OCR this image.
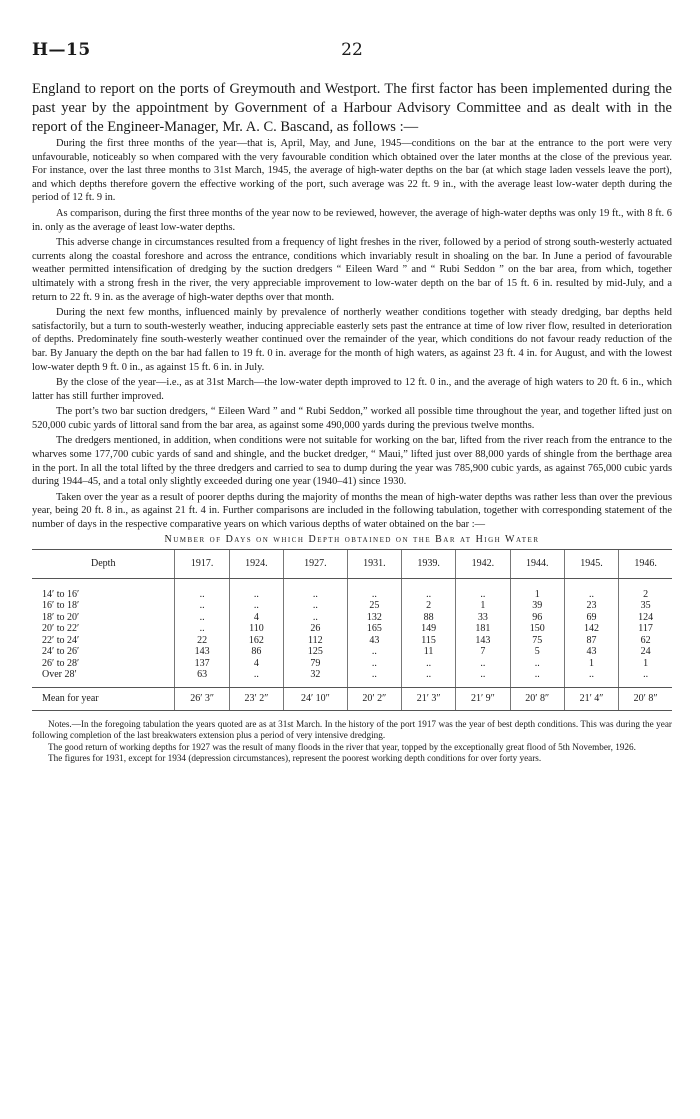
H—15	22
England to report on the ports of Greymouth and Westport. The first factor has been implemented during the past year by the appointment by Government of a Harbour Advisory Committee and as dealt with in the report of the Engineer-Manager, Mr. A. C. Bascand, as follows :—

During the first three months of the year—that is, April, May, and June, 1945—conditions on the bar at the entrance to the port were very unfavourable, noticeably so when compared with the very favourable condition which obtained over the later months at the close of the previous year. For instance, over the last three months to 31st March, 1945, the average of high-water depths on the bar (at which stage laden vessels leave the port), and which depths therefore govern the effective working of the port, such average was 22 ft. 9 in., with the average least low-water depth during the period of 12 ft. 9 in.

As comparison, during the first three months of the year now to be reviewed, however, the average of high-water depths was only 19 ft., with 8 ft. 6 in. only as the average of least low-water depths.

This adverse change in circumstances resulted from a frequency of light freshes in the river, followed by a period of strong south-westerly actuated currents along the coastal foreshore and across the entrance, conditions which invariably result in shoaling on the bar. In June a period of favourable weather permitted intensification of dredging by the suction dredgers “ Eileen Ward ” and “ Rubi Seddon ” on the bar area, from which, together ultimately with a strong fresh in the river, the very appreciable improvement to low-water depth on the bar of 15 ft. 6 in. resulted by mid-July, and a return to 22 ft. 9 in. as the average of high-water depths over that month.

During the next few months, influenced mainly by prevalence of northerly weather conditions together with steady dredging, bar depths held satisfactorily, but a turn to south-westerly weather, inducing appreciable easterly sets past the entrance at time of low river flow, resulted in deterioration of depths. Predominately fine south-westerly weather continued over the remainder of the year, which conditions do not favour ready reduction of the bar. By January the depth on the bar had fallen to 19 ft. 0 in. average for the month of high waters, as against 23 ft. 4 in. for August, and with the lowest low-water depth 9 ft. 0 in., as against 15 ft. 6 in. in July.

By the close of the year—i.e., as at 31st March—the low-water depth improved to 12 ft. 0 in., and the average of high waters to 20 ft. 6 in., which latter has still further improved.

The port’s two bar suction dredgers, “ Eileen Ward ” and “ Rubi Seddon,” worked all possible time throughout the year, and together lifted just on 520,000 cubic yards of littoral sand from the bar area, as against some 490,000 yards during the previous twelve months.

The dredgers mentioned, in addition, when conditions were not suitable for working on the bar, lifted from the river reach from the entrance to the wharves some 177,700 cubic yards of sand and shingle, and the bucket dredger, “ Maui,” lifted just over 88,000 yards of shingle from the berthage area in the port. In all the total lifted by the three dredgers and carried to sea to dump during the year was 785,900 cubic yards, as against 765,000 cubic yards during 1944–45, and a total only slightly exceeded during one year (1940–41) since 1930.

Taken over the year as a result of poorer depths during the majority of months the mean of high-water depths was rather less than over the previous year, being 20 ft. 8 in., as against 21 ft. 4 in. Further comparisons are included in the following tabulation, together with corresponding statement of the number of days in the respective comparative years on which various depths of water obtained on the bar :—

Number of Days on which Depth obtained on the Bar at High Water
Depth	1917.	1924.	1927.	1931.	1939.	1942.	1944.	1945.	1946.
14′ to 16′	..	..	..	..	..	..	1	..	2
16′ to 18′	..	..	..	25	2	1	39	23	35
18′ to 20′	..	4	..	132	88	33	96	69	124
20′ to 22′	..	110	26	165	149	181	150	142	117
22′ to 24′	22	162	112	43	115	143	75	87	62
24′ to 26′	143	86	125	..	11	7	5	43	24
26′ to 28′	137	4	79	..	..	..	..	1	1
Over 28′	63	..	32	..	..	..	..	..	..
Mean for year	26′ 3″	23′ 2″	24′ 10″	20′ 2″	21′ 3″	21′ 9″	20′ 8″	21′ 4″	20′ 8″

Notes.—In the foregoing tabulation the years quoted are as at 31st March. In the history of the port 1917 was the year of best depth conditions. This was during the year following completion of the last breakwaters extension plus a period of very intensive dredging.

The good return of working depths for 1927 was the result of many floods in the river that year, topped by the exceptionally great flood of 5th November, 1926.

The figures for 1931, except for 1934 (depression circumstances), represent the poorest working depth conditions for over forty years.
